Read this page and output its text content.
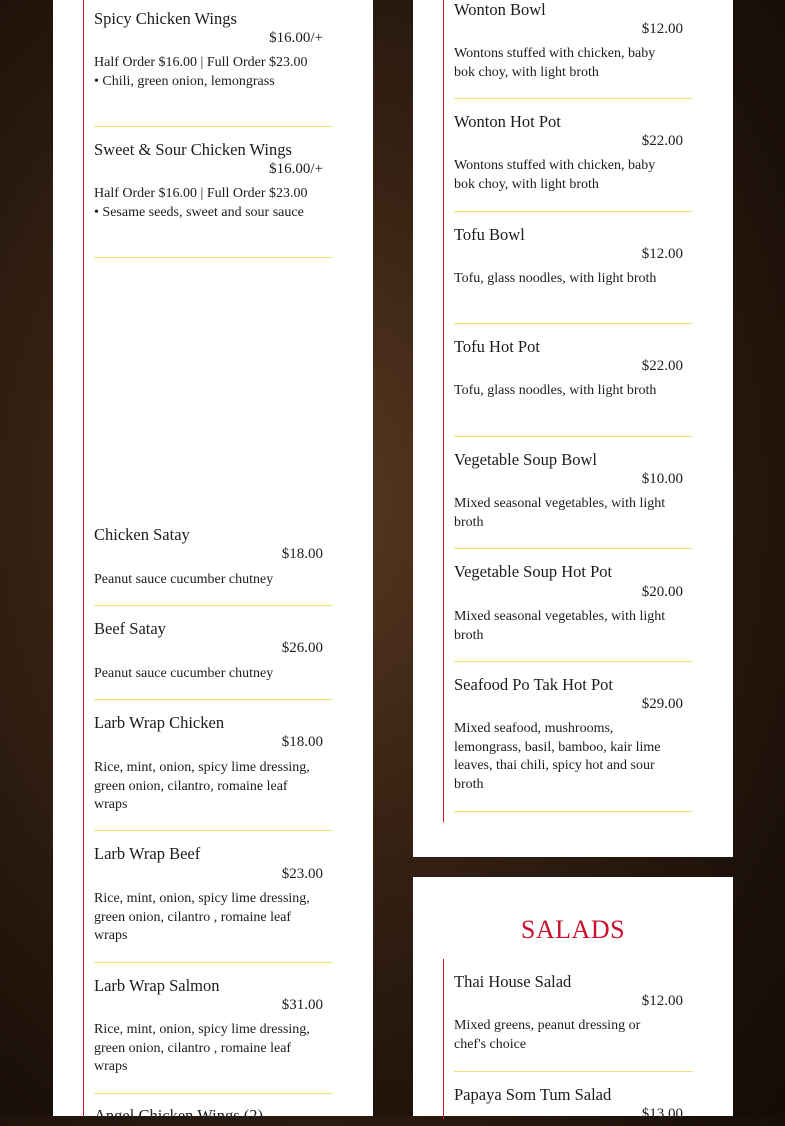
Spicy Chicken Wings
$16.00/+
Half Order $16.00 | Full Order $23.00 • Chili, green onion, lemongrass
Sweet & Sour Chicken Wings
$16.00/+
Half Order $16.00 | Full Order $23.00 • Sesame seeds, sweet and sour sauce
Chicken Satay
$18.00
Peanut sauce cucumber chutney
Beef Satay
$26.00
Peanut sauce cucumber chutney
Larb Wrap Chicken
$18.00
Rice, mint, onion, spicy lime dressing, green onion, cilantro, romaine leaf wraps
Larb Wrap Beef
$23.00
Rice, mint, onion, spicy lime dressing, green onion, cilantro , romaine leaf wraps
Larb Wrap Salmon
$31.00
Rice, mint, onion, spicy lime dressing, green onion, cilantro , romaine leaf wraps
Angel Chicken Wings (2)
Wonton Bowl
$12.00
Wontons stuffed with chicken, baby bok choy, with light broth
Wonton Hot Pot
$22.00
Wontons stuffed with chicken, baby bok choy, with light broth
Tofu Bowl
$12.00
Tofu, glass noodles, with light broth
Tofu Hot Pot
$22.00
Tofu, glass noodles, with light broth
Vegetable Soup Bowl
$10.00
Mixed seasonal vegetables, with light broth
Vegetable Soup Hot Pot
$20.00
Mixed seasonal vegetables, with light broth
Seafood Po Tak Hot Pot
$29.00
Mixed seafood, mushrooms, lemongrass, basil, bamboo, kair lime leaves, thai chili, spicy hot and sour broth
SALADS
Thai House Salad
$12.00
Mixed greens, peanut dressing or chef's choice
Papaya Som Tum Salad
$13.00
